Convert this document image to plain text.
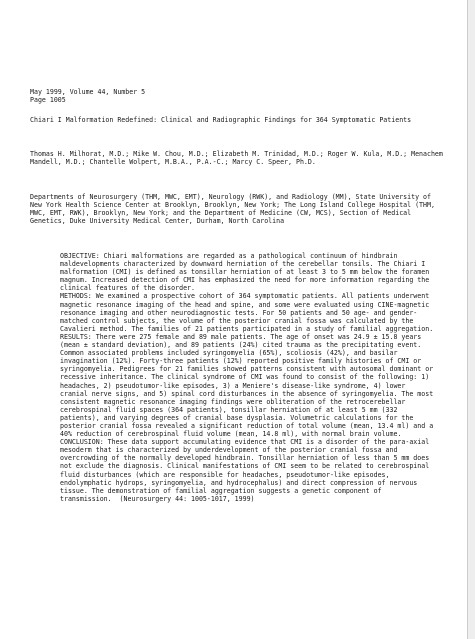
May 1999, Volume 44, Number 5

Page 1005

Chiari I Malformation Redefined: Clinical and Radiographic Findings for 364 Symptomatic Patients

Thomas H. Milhorat, M.D.; Mike W. Chou, M.D.; Elizabeth M. Trinidad, M.D.; Roger W. Kula, M.D.; Menachem Mandell, M.D.; Chantelle Wolpert, M.B.A., P.A.-C.; Marcy C. Speer, Ph.D.

Departments of Neurosurgery (THM, MWC, EMT), Neurology (RWK), and Radiology (MM), State University of New York Health Science Center at Brooklyn, Brooklyn, New York; The Long Island College Hospital (THM, MWC, EMT, RWK), Brooklyn, New York; and the Department of Medicine (CW, MCS), Section of Medical Genetics, Duke University Medical Center, Durham, North Carolina

OBJECTIVE: Chiari malformations are regarded as a pathological continuum of hindbrain maldevelopments characterized by downward herniation of the cerebellar tonsils. The Chiari I malformation (CMI) is defined as tonsillar herniation of at least 3 to 5 mm below the foramen magnum. Increased detection of CMI has emphasized the need for more information regarding the clinical features of the disorder.

METHODS: We examined a prospective cohort of 364 symptomatic patients. All patients underwent magnetic resonance imaging of the head and spine, and some were evaluated using CINE-magnetic resonance imaging and other neurodiagnostic tests. For 50 patients and 50 age- and gender-matched control subjects, the volume of the posterior cranial fossa was calculated by the Cavalieri method. The families of 21 patients participated in a study of familial aggregation.

RESULTS: There were 275 female and 89 male patients. The age of onset was 24.9 ± 15.8 years (mean ± standard deviation), and 89 patients (24%) cited trauma as the precipitating event. Common associated problems included syringomyelia (65%), scoliosis (42%), and basilar invagination (12%). Forty-three patients (12%) reported positive family histories of CMI or syringomyelia. Pedigrees for 21 families showed patterns consistent with autosomal dominant or recessive inheritance. The clinical syndrome of CMI was found to consist of the following: 1) headaches, 2) pseudotumor-like episodes, 3) a Meniere's disease-like syndrome, 4) lower cranial nerve signs, and 5) spinal cord disturbances in the absence of syringomyelia. The most consistent magnetic resonance imaging findings were obliteration of the retrocerebellar cerebrospinal fluid spaces (364 patients), tonsillar herniation of at least 5 mm (332 patients), and varying degrees of cranial base dysplasia. Volumetric calculations for the posterior cranial fossa revealed a significant reduction of total volume (mean, 13.4 ml) and a 40% reduction of cerebrospinal fluid volume (mean, 14.8 ml), with normal brain volume.

CONCLUSION: These data support accumulating evidence that CMI is a disorder of the para-axial mesoderm that is characterized by underdevelopment of the posterior cranial fossa and overcrowding of the normally developed hindbrain. Tonsillar herniation of less than 5 mm does not exclude the diagnosis. Clinical manifestations of CMI seem to be related to cerebrospinal fluid disturbances (which are responsible for headaches, pseudotumor-like episodes, endolymphatic hydrops, syringomyelia, and hydrocephalus) and direct compression of nervous tissue. The demonstration of familial aggregation suggests a genetic component of transmission.  (Neurosurgery 44: 1005-1017, 1999)
